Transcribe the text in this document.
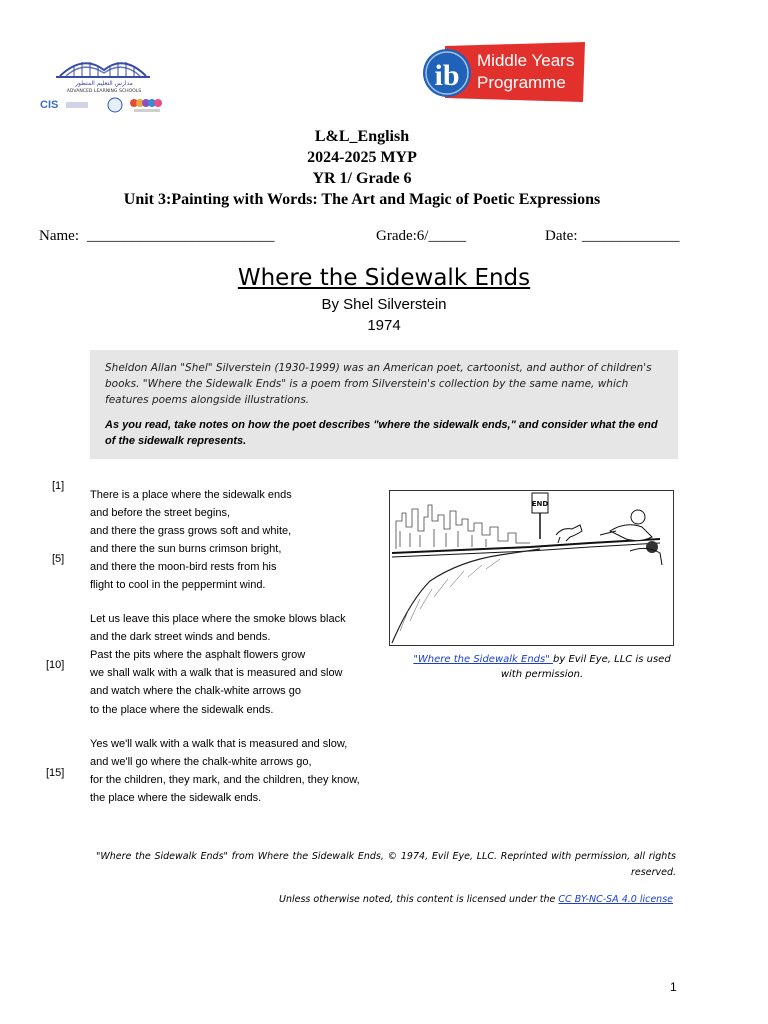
مدارس التعليم المتطور
ADVANCED LEARNING SCHOOLS
CIS
ib Middle Years
Programme
L&L_English
2024-2025 MYP
YR 1/ Grade 6
Unit 3:Painting with Words: The Art and Magic of Poetic Expressions
Name: _________________________	Grade:6/_____	Date: _____________
Where the Sidewalk Ends
By Shel Silverstein
1974
Sheldon Allan "Shel" Silverstein (1930-1999) was an American poet, cartoonist, and author of children's books. "Where the Sidewalk Ends" is a poem from Silverstein's collection by the same name, which features poems alongside illustrations.
As you read, take notes on how the poet describes "where the sidewalk ends," and consider what the end of the sidewalk represents.
[1]
[5]
[10]
[15]
There is a place where the sidewalk ends
and before the street begins,
and there the grass grows soft and white,
and there the sun burns crimson bright,
and there the moon-bird rests from his
flight to cool in the peppermint wind.
Let us leave this place where the smoke blows black
and the dark street winds and bends.
Past the pits where the asphalt flowers grow
we shall walk with a walk that is measured and slow
and watch where the chalk-white arrows go
to the place where the sidewalk ends.
Yes we'll walk with a walk that is measured and slow,
and we'll go where the chalk-white arrows go,
for the children, they mark, and the children, they know,
the place where the sidewalk ends.
END
"Where the Sidewalk Ends" by Evil Eye, LLC is used
with permission.
"Where the Sidewalk Ends" from Where the Sidewalk Ends, © 1974, Evil Eye, LLC. Reprinted with permission, all rights reserved.
Unless otherwise noted, this content is licensed under the CC BY-NC-SA 4.0 license
1
